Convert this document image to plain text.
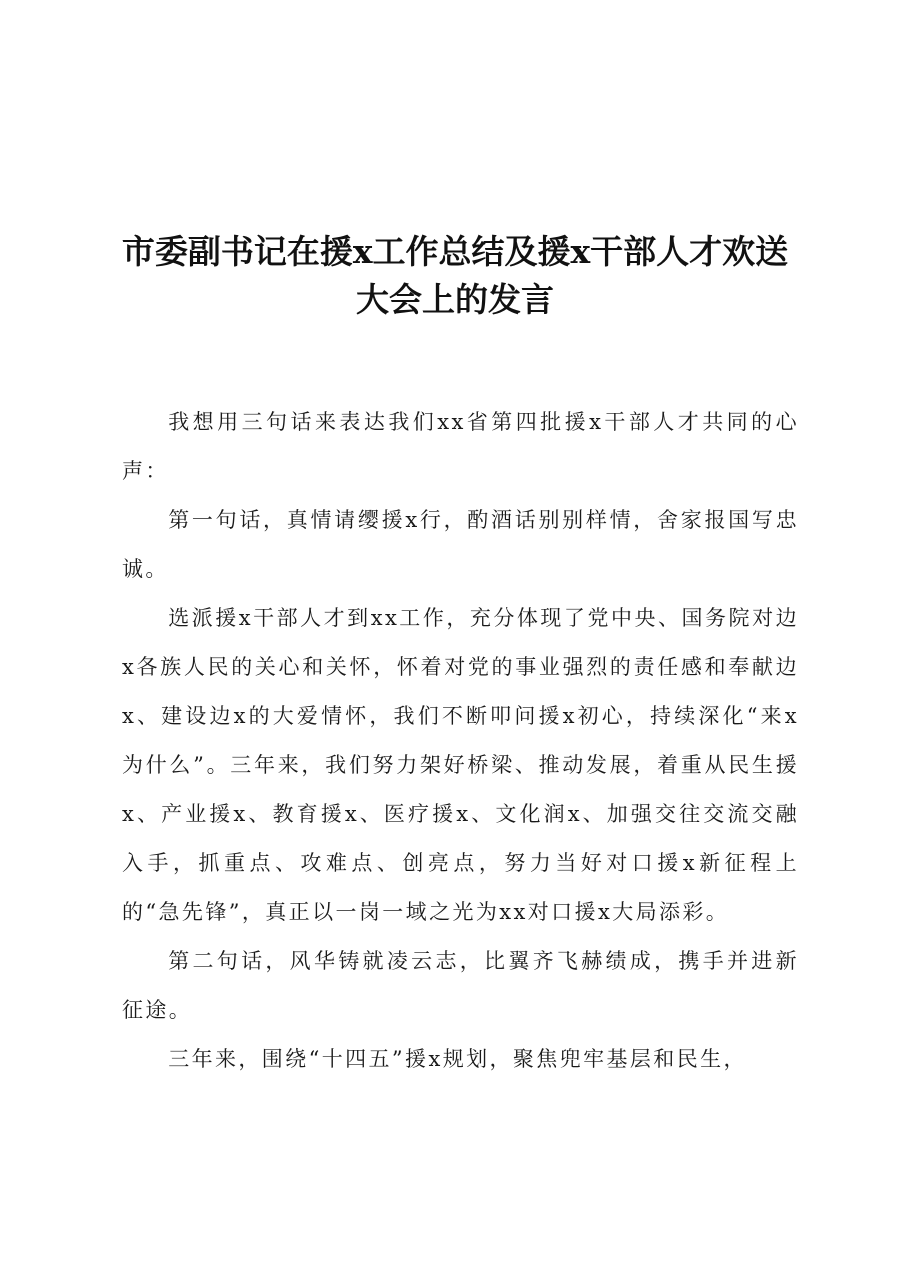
市委副书记在援x工作总结及援x干部人才欢送大会上的发言

我想用三句话来表达我们xx省第四批援x干部人才共同的心声：

第一句话，真情请缨援x行，酌酒话别别样情，舍家报国写忠诚。

选派援x干部人才到xx工作，充分体现了党中央、国务院对边x各族人民的关心和关怀，怀着对党的事业强烈的责任感和奉献边x、建设边x的大爱情怀，我们不断叩问援x初心，持续深化“来x为什么”。三年来，我们努力架好桥梁、推动发展，着重从民生援x、产业援x、教育援x、医疗援x、文化润x、加强交往交流交融入手，抓重点、攻难点、创亮点，努力当好对口援x新征程上的“急先锋”，真正以一岗一域之光为xx对口援x大局添彩。

第二句话，风华铸就凌云志，比翼齐飞赫绩成，携手并进新征途。

三年来，围绕“十四五”援x规划，聚焦兜牢基层和民生，
